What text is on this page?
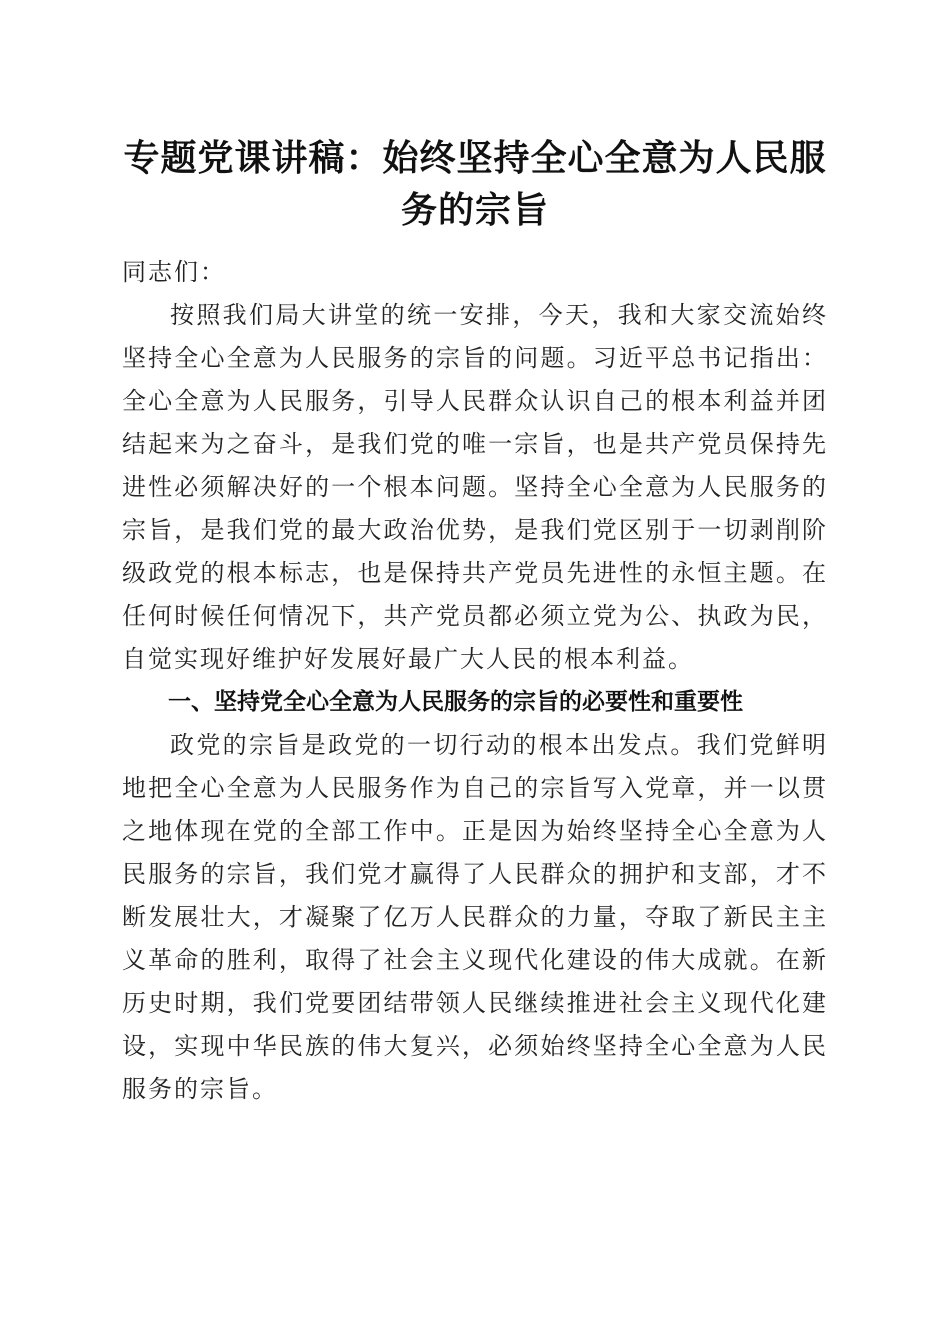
专题党课讲稿：始终坚持全心全意为人民服务的宗旨

同志们：

按照我们局大讲堂的统一安排，今天，我和大家交流始终坚持全心全意为人民服务的宗旨的问题。习近平总书记指出：全心全意为人民服务，引导人民群众认识自己的根本利益并团结起来为之奋斗，是我们党的唯一宗旨，也是共产党员保持先进性必须解决好的一个根本问题。坚持全心全意为人民服务的宗旨，是我们党的最大政治优势，是我们党区别于一切剥削阶级政党的根本标志，也是保持共产党员先进性的永恒主题。在任何时候任何情况下，共产党员都必须立党为公、执政为民，自觉实现好维护好发展好最广大人民的根本利益。

一、坚持党全心全意为人民服务的宗旨的必要性和重要性

政党的宗旨是政党的一切行动的根本出发点。我们党鲜明地把全心全意为人民服务作为自己的宗旨写入党章，并一以贯之地体现在党的全部工作中。正是因为始终坚持全心全意为人民服务的宗旨，我们党才赢得了人民群众的拥护和支部，才不断发展壮大，才凝聚了亿万人民群众的力量，夺取了新民主主义革命的胜利，取得了社会主义现代化建设的伟大成就。在新历史时期，我们党要团结带领人民继续推进社会主义现代化建设，实现中华民族的伟大复兴，必须始终坚持全心全意为人民服务的宗旨。
